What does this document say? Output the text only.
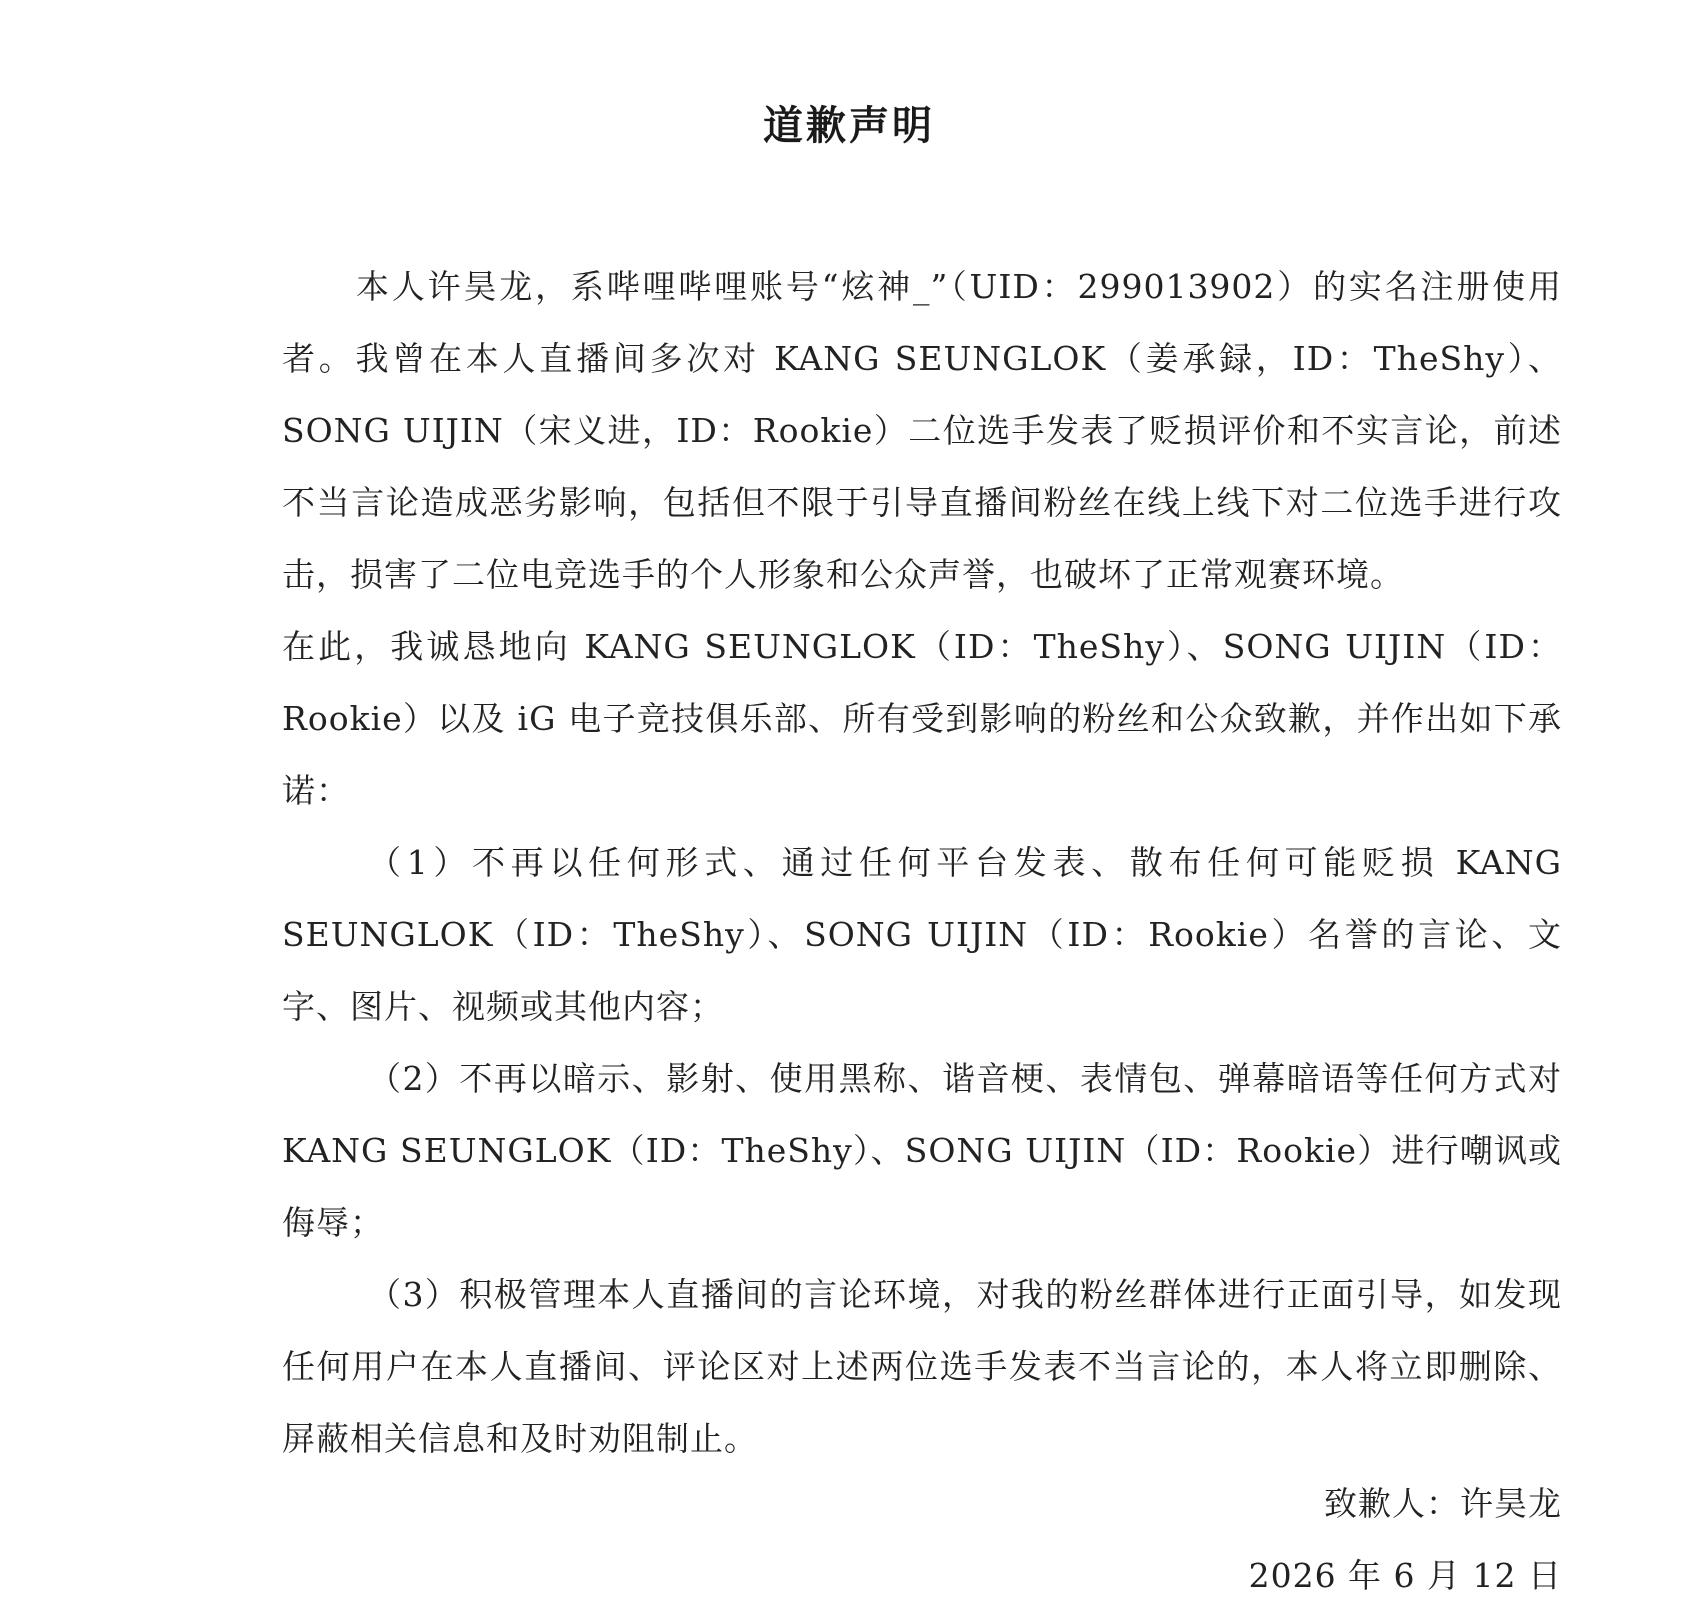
道歉声明

本人许昊龙，系哔哩哔哩账号“炫神_”（UID：299013902）的实名注册使用者。我曾在本人直播间多次对 KANG SEUNGLOK（姜承録，ID：TheShy）、SONG UIJIN（宋义进，ID：Rookie）二位选手发表了贬损评价和不实言论，前述不当言论造成恶劣影响，包括但不限于引导直播间粉丝在线上线下对二位选手进行攻击，损害了二位电竞选手的个人形象和公众声誉，也破坏了正常观赛环境。

在此，我诚恳地向 KANG SEUNGLOK（ID：TheShy）、SONG UIJIN（ID：Rookie）以及 iG 电子竞技俱乐部、所有受到影响的粉丝和公众致歉，并作出如下承诺：

（1）不再以任何形式、通过任何平台发表、散布任何可能贬损 KANG SEUNGLOK（ID：TheShy）、SONG UIJIN（ID：Rookie）名誉的言论、文字、图片、视频或其他内容；

（2）不再以暗示、影射、使用黑称、谐音梗、表情包、弹幕暗语等任何方式对 KANG SEUNGLOK（ID：TheShy）、SONG UIJIN（ID：Rookie）进行嘲讽或侮辱；

（3）积极管理本人直播间的言论环境，对我的粉丝群体进行正面引导，如发现任何用户在本人直播间、评论区对上述两位选手发表不当言论的，本人将立即删除、屏蔽相关信息和及时劝阻制止。

致歉人：许昊龙
2026 年 6 月 12 日
